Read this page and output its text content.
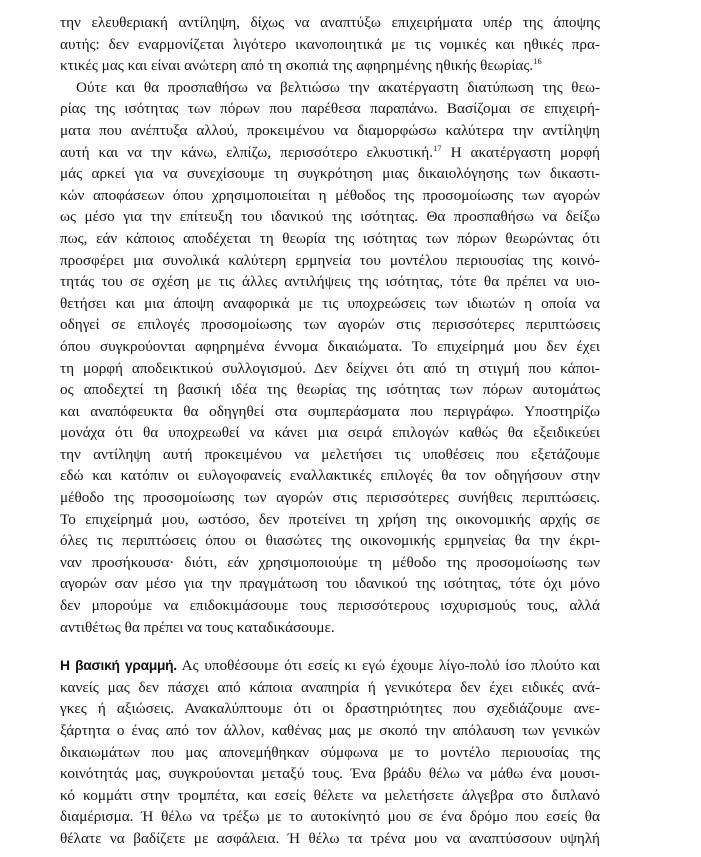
την ελευθεριακή αντίληψη, δίχως να αναπτύξω επιχειρήματα υπέρ της άποψης
αυτής: δεν εναρμονίζεται λιγότερο ικανοποιητικά με τις νομικές και ηθικές πρα-
κτικές μας και είναι ανώτερη από τη σκοπιά της αφηρημένης ηθικής θεωρίας.$^{16}$
Ούτε και θα προσπαθήσω να βελτιώσω την ακατέργαστη διατύπωση της θεω-
ρίας της ισότητας των πόρων που παρέθεσα παραπάνω. Βασίζομαι σε επιχειρή-
ματα που ανέπτυξα αλλού, προκειμένου να διαμορφώσω καλύτερα την αντίληψη
αυτή και να την κάνω, ελπίζω, περισσότερο ελκυστική.$^{17}$ Η ακατέργαστη μορφή
μάς αρκεί για να συνεχίσουμε τη συγκρότηση μιας δικαιολόγησης των δικαστι-
κών αποφάσεων όπου χρησιμοποιείται η μέθοδος της προσομοίωσης των αγορών
ως μέσο για την επίτευξη του ιδανικού της ισότητας. Θα προσπαθήσω να δείξω
πως, εάν κάποιος αποδέχεται τη θεωρία της ισότητας των πόρων θεωρώντας ότι
προσφέρει μια συνολικά καλύτερη ερμηνεία του μοντέλου περιουσίας της κοινό-
τητάς του σε σχέση με τις άλλες αντιλήψεις της ισότητας, τότε θα πρέπει να υιο-
θετήσει και μια άποψη αναφορικά με τις υποχρεώσεις των ιδιωτών η οποία να
οδηγεί σε επιλογές προσομοίωσης των αγορών στις περισσότερες περιπτώσεις
όπου συγκρούονται αφηρημένα έννομα δικαιώματα. Το επιχείρημά μου δεν έχει
τη μορφή αποδεικτικού συλλογισμού. Δεν δείχνει ότι από τη στιγμή που κάποι-
ος αποδεχτεί τη βασική ιδέα της θεωρίας της ισότητας των πόρων αυτομάτως
και αναπόφευκτα θα οδηγηθεί στα συμπεράσματα που περιγράφω. Υποστηρίζω
μονάχα ότι θα υποχρεωθεί να κάνει μια σειρά επιλογών καθώς θα εξειδικεύει
την αντίληψη αυτή προκειμένου να μελετήσει τις υποθέσεις που εξετάζουμε
εδώ και κατόπιν οι ευλογοφανείς εναλλακτικές επιλογές θα τον οδηγήσουν στην
μέθοδο της προσομοίωσης των αγορών στις περισσότερες συνήθεις περιπτώσεις.
Το επιχείρημά μου, ωστόσο, δεν προτείνει τη χρήση της οικονομικής αρχής σε
όλες τις περιπτώσεις όπου οι θιασώτες της οικονομικής ερμηνείας θα την έκρι-
ναν προσήκουσα· διότι, εάν χρησιμοποιούμε τη μέθοδο της προσομοίωσης των
αγορών σαν μέσο για την πραγμάτωση του ιδανικού της ισότητας, τότε όχι μόνο
δεν μπορούμε να επιδοκιμάσουμε τους περισσότερους ισχυρισμούς τους, αλλά
αντιθέτως θα πρέπει να τους καταδικάσουμε.
Η βασική γραμμή. Ας υποθέσουμε ότι εσείς κι εγώ έχουμε λίγο-πολύ ίσο πλούτο και
κανείς μας δεν πάσχει από κάποια αναπηρία ή γενικότερα δεν έχει ειδικές ανά-
γκες ή αξιώσεις. Ανακαλύπτουμε ότι οι δραστηριότητες που σχεδιάζουμε ανε-
ξάρτητα ο ένας από τον άλλον, καθένας μας με σκοπό την απόλαυση των γενικών
δικαιωμάτων που μας απονεμήθηκαν σύμφωνα με το μοντέλο περιουσίας της
κοινότητάς μας, συγκρούονται μεταξύ τους. Ένα βράδυ θέλω να μάθω ένα μουσι-
κό κομμάτι στην τρομπέτα, και εσείς θέλετε να μελετήσετε άλγεβρα στο διπλανό
διαμέρισμα. Ή θέλω να τρέξω με το αυτοκίνητό μου σε ένα δρόμο που εσείς θα
θέλατε να βαδίζετε με ασφάλεια. Ή θέλω τα τρένα μου να αναπτύσσουν υψηλή
